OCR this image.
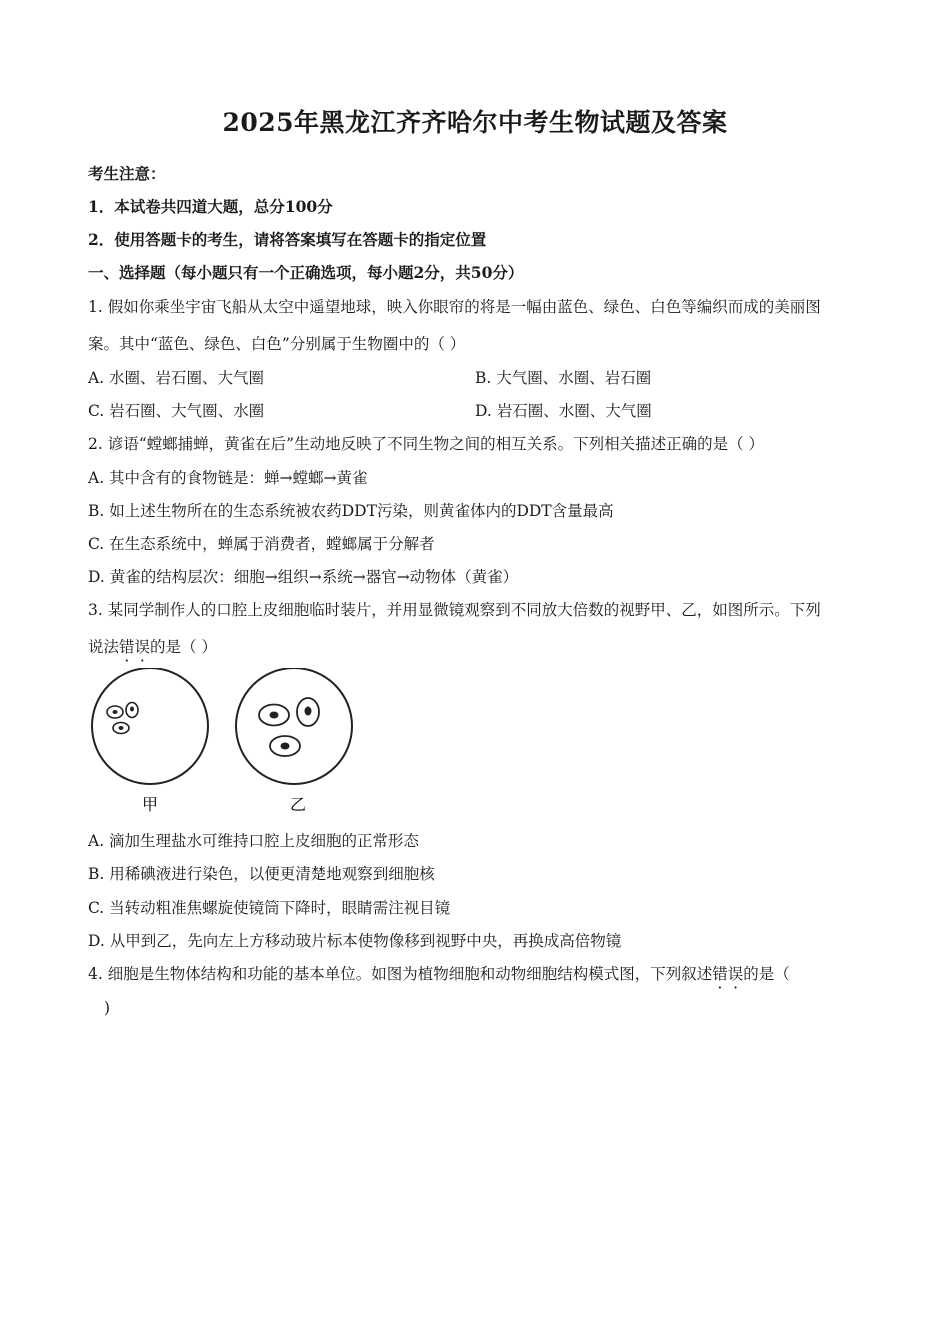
2025年黑龙江齐齐哈尔中考生物试题及答案
考生注意：
1．本试卷共四道大题，总分100分
2．使用答题卡的考生，请将答案填写在答题卡的指定位置
一、选择题（每小题只有一个正确选项，每小题2分，共50分）
1. 假如你乘坐宇宙飞船从太空中遥望地球，映入你眼帘的将是一幅由蓝色、绿色、白色等编织而成的美丽图
案。其中“蓝色、绿色、白色”分别属于生物圈中的（ ）
A. 水圈、岩石圈、大气圈	B. 大气圈、水圈、岩石圈
C. 岩石圈、大气圈、水圈	D. 岩石圈、水圈、大气圈
2. 谚语“螳螂捕蝉，黄雀在后”生动地反映了不同生物之间的相互关系。下列相关描述正确的是（ ）
A. 其中含有的食物链是：蝉→螳螂→黄雀
B. 如上述生物所在的生态系统被农药DDT污染，则黄雀体内的DDT含量最高
C. 在生态系统中，蝉属于消费者，螳螂属于分解者
D. 黄雀的结构层次：细胞→组织→系统→器官→动物体（黄雀）
3. 某同学制作人的口腔上皮细胞临时装片，并用显微镜观察到不同放大倍数的视野甲、乙，如图所示。下列
说法错误的是（ ）
甲	乙
A. 滴加生理盐水可维持口腔上皮细胞的正常形态
B. 用稀碘液进行染色，以便更清楚地观察到细胞核
C. 当转动粗准焦螺旋使镜筒下降时，眼睛需注视目镜
D. 从甲到乙，先向左上方移动玻片标本使物像移到视野中央，再换成高倍物镜
4. 细胞是生物体结构和功能的基本单位。如图为植物细胞和动物细胞结构模式图，下列叙述错误的是（
)
